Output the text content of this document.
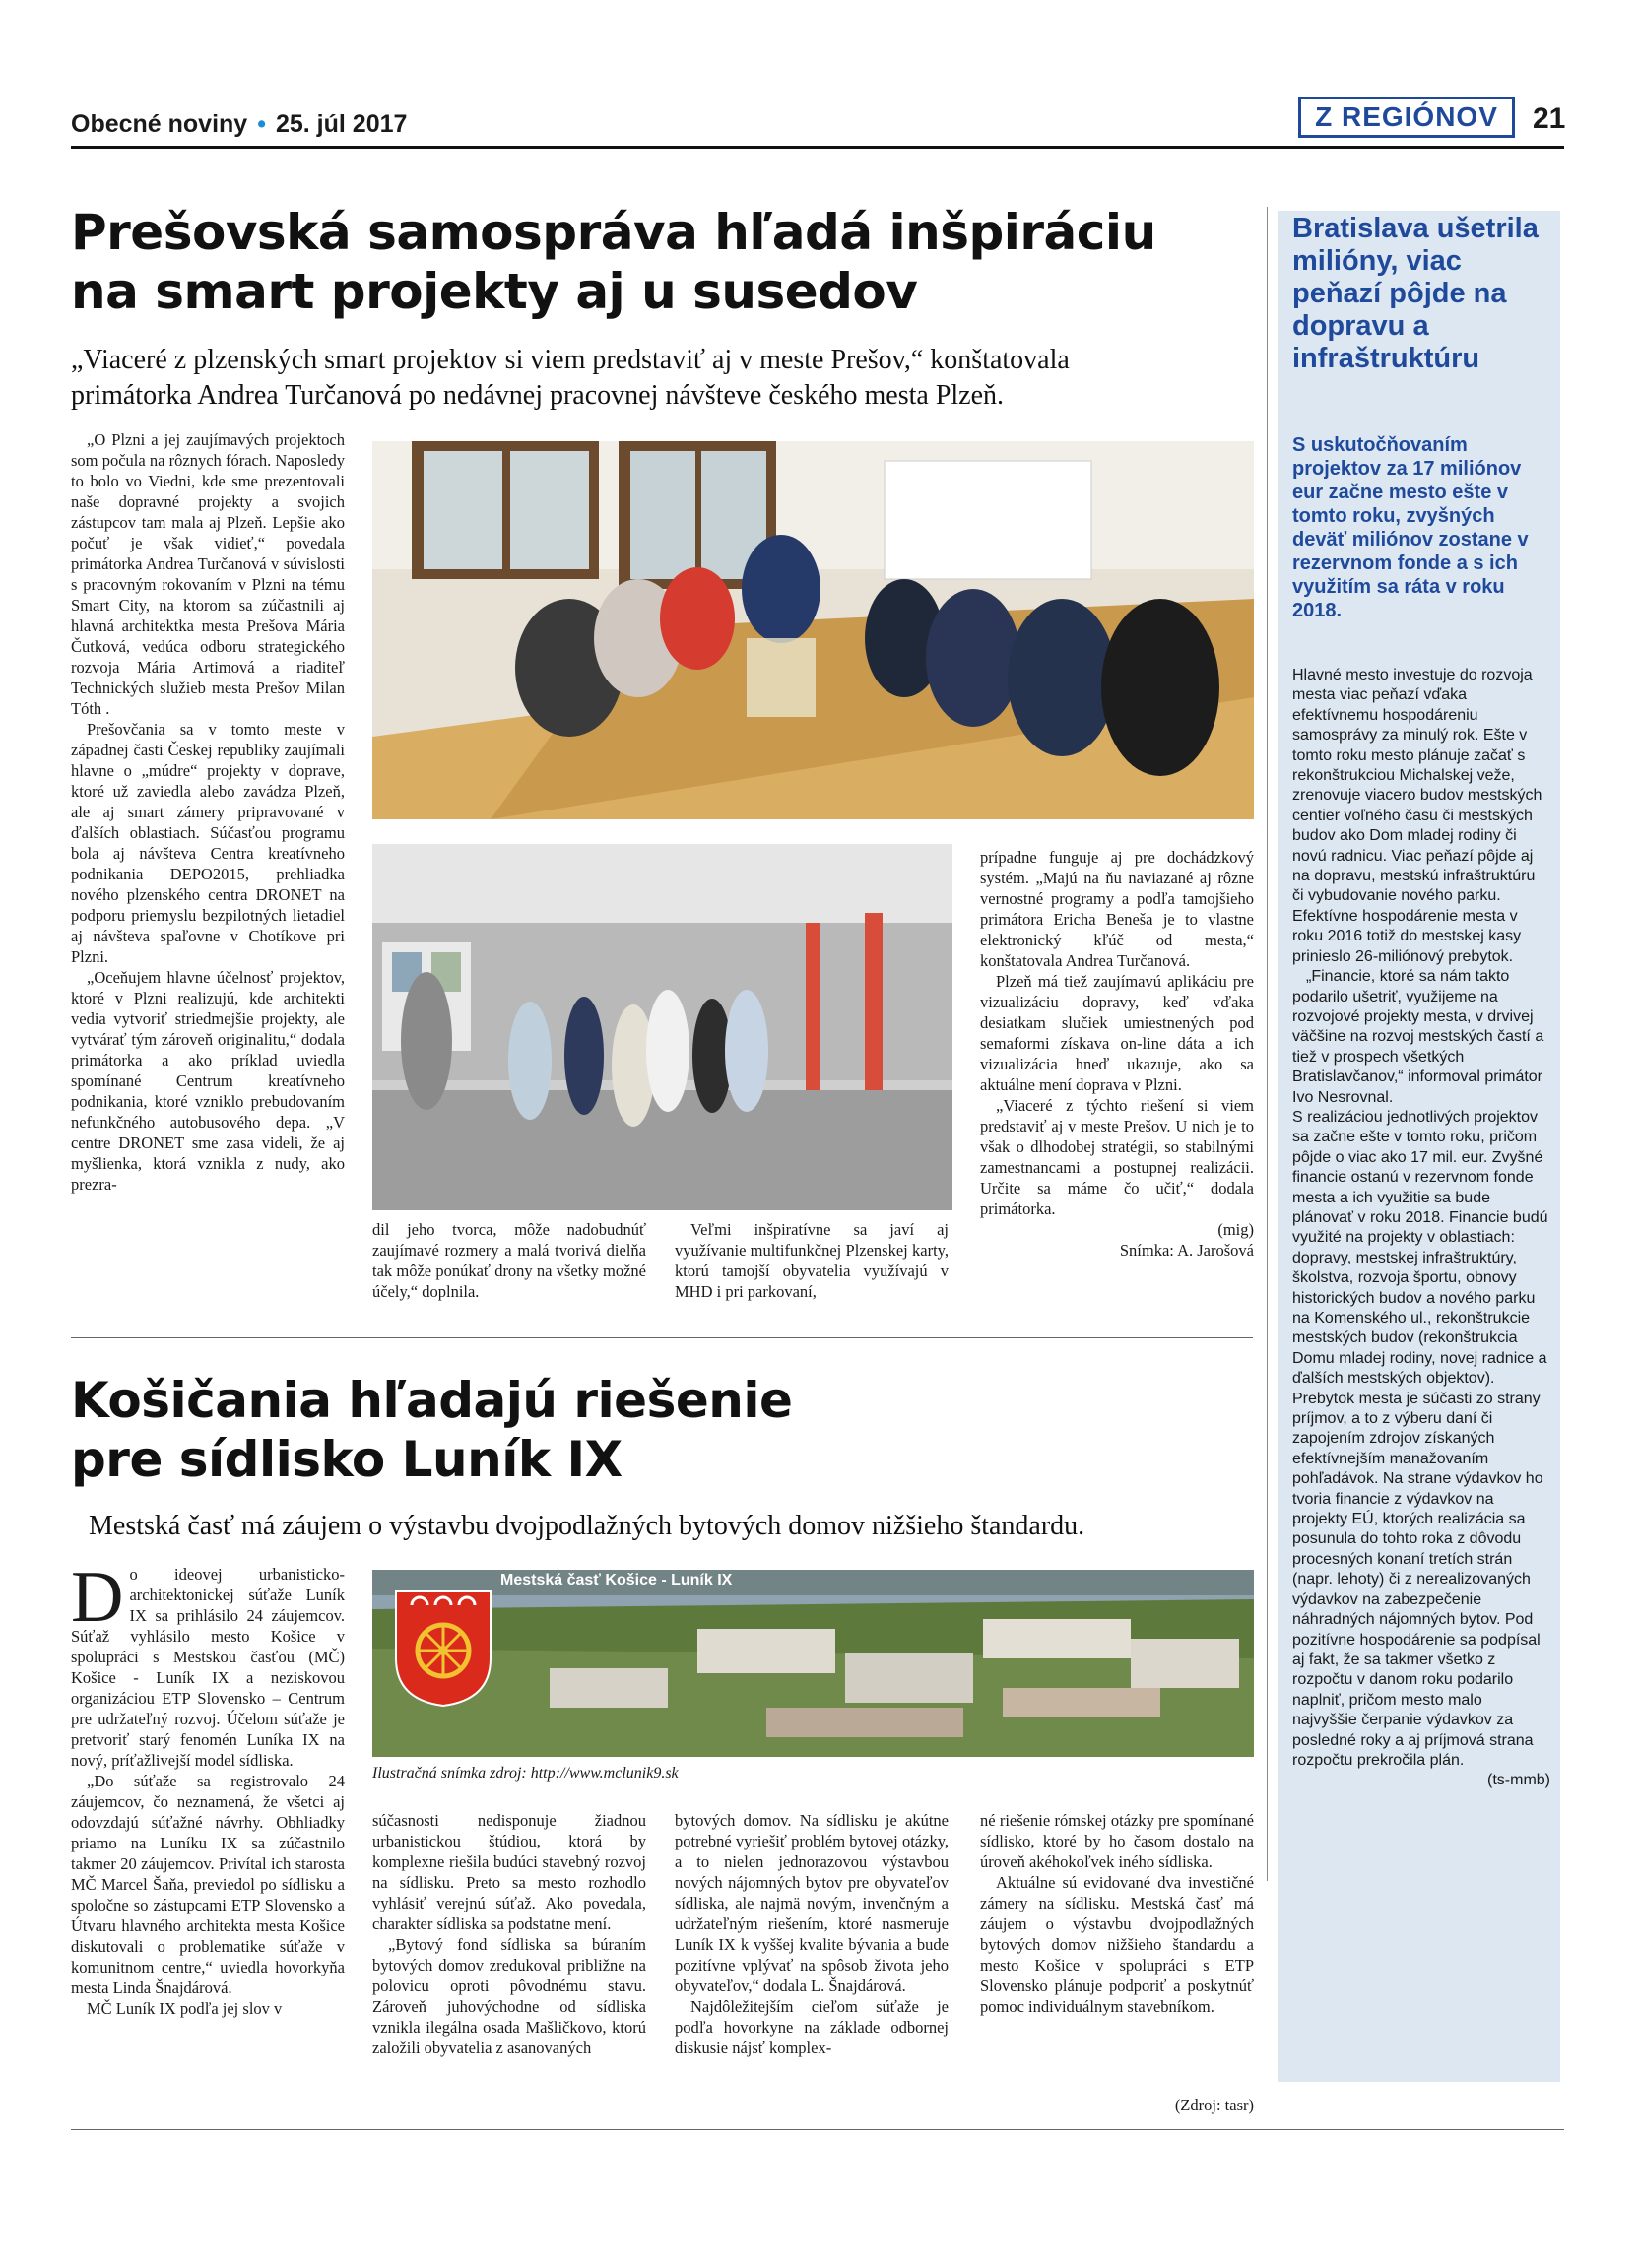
Obecné noviny • 25. júl 2017	Z REGIÓNOV	21
Prešovská samospráva hľadá inšpiráciu
na smart projekty aj u susedov
„Viaceré z plzenských smart projektov si viem predstaviť aj v meste Prešov,“ konštatovala
primátorka Andrea Turčanová po nedávnej pracovnej návšteve českého mesta Plzeň.

„O Plzni a jej zaujímavých projektoch som počula na rôznych fórach. Naposledy to bolo vo Viedni, kde sme prezentovali naše dopravné projekty a svojich zástupcov tam mala aj Plzeň. Lepšie ako počuť je však vidieť,“ povedala primátorka Andrea Turčanová v súvislosti s pracovným rokovaním v Plzni na tému Smart City, na ktorom sa zúčastnili aj hlavná architektka mesta Prešova Mária Čutková, vedúca odboru strategického rozvoja Mária Artimová a riaditeľ Technických služieb mesta Prešov Milan Tóth .

Prešovčania sa v tomto meste v západnej časti Českej republiky zaujímali hlavne o „múdre“ projekty v doprave, ktoré už zaviedla alebo zavádza Plzeň, ale aj smart zámery pripravované v ďalších oblastiach. Súčasťou programu bola aj návšteva Centra kreatívneho podnikania DEPO2015, prehliadka nového plzenského centra DRONET na podporu priemyslu bezpilotných lietadiel aj návšteva spaľovne v Chotíkove pri Plzni.

„Oceňujem hlavne účelnosť projektov, ktoré v Plzni realizujú, kde architekti vedia vytvoriť striedmejšie projekty, ale vytvárať tým zároveň originalitu,“ dodala primátorka a ako príklad uviedla spomínané Centrum kreatívneho podnikania, ktoré vzniklo prebudovaním nefunkčného autobusového depa. „V centre DRONET sme zasa videli, že aj myšlienka, ktorá vznikla z nudy, ako prezra-

dil jeho tvorca, môže nadobudnúť zaujímavé rozmery a malá tvorivá dielňa tak môže ponúkať drony na všetky možné účely,“ doplnila.

Veľmi inšpiratívne sa javí aj využívanie multifunkčnej Plzenskej karty, ktorú tamojší obyvatelia využívajú v MHD i pri parkovaní,

prípadne funguje aj pre dochádzkový systém. „Majú na ňu naviazané aj rôzne vernostné programy a podľa tamojšieho primátora Ericha Beneša je to vlastne elektronický kľúč od mesta,“ konštatovala Andrea Turčanová.

Plzeň má tiež zaujímavú aplikáciu pre vizualizáciu dopravy, keď vďaka desiatkam slučiek umiestnených pod semaformi získava on-line dáta a ich vizualizácia hneď ukazuje, ako sa aktuálne mení doprava v Plzni.

„Viaceré z týchto riešení si viem predstaviť aj v meste Prešov. U nich je to však o dlhodobej stratégii, so stabilnými zamestnancami a postupnej realizácii. Určite sa máme čo učiť,“ dodala primátorka.

(mig)
Snímka: A. Jarošová
Košičania hľadajú riešenie
pre sídlisko Luník IX
Mestská časť má záujem o výstavbu dvojpodlažných bytových domov nižšieho štandardu.

Do ideovej urbanisticko-architektonickej súťaže Luník IX sa prihlásilo 24 záujemcov. Súťaž vyhlásilo mesto Košice v spolupráci s Mestskou časťou (MČ) Košice - Luník IX a neziskovou organizáciou ETP Slovensko – Centrum pre udržateľný rozvoj. Účelom súťaže je pretvoriť starý fenomén Luníka IX na nový, príťažlivejší model sídliska.

„Do súťaže sa registrovalo 24 záujemcov, čo neznamená, že všetci aj odovzdajú súťažné návrhy. Obhliadky priamo na Luníku IX sa zúčastnilo takmer 20 záujemcov. Privítal ich starosta MČ Marcel Šaňa, previedol po sídlisku a spoločne so zástupcami ETP Slovensko a Útvaru hlavného architekta mesta Košice diskutovali o problematike súťaže v komunitnom centre,“ uviedla hovorkyňa mesta Linda Šnajdárová.

MČ Luník IX podľa jej slov v

Mestská časť Košice - Luník IX
Ilustračná snímka zdroj: http://www.mclunik9.sk

súčasnosti nedisponuje žiadnou urbanistickou štúdiou, ktorá by komplexne riešila budúci stavebný rozvoj na sídlisku. Preto sa mesto rozhodlo vyhlásiť verejnú súťaž. Ako povedala, charakter sídliska sa podstatne mení.

„Bytový fond sídliska sa búraním bytových domov zredukoval približne na polovicu oproti pôvodnému stavu. Zároveň juhovýchodne od sídliska vznikla ilegálna osada Mašličkovo, ktorú založili obyvatelia z asanovaných

bytových domov. Na sídlisku je akútne potrebné vyriešiť problém bytovej otázky, a to nielen jednorazovou výstavbou nových nájomných bytov pre obyvateľov sídliska, ale najmä novým, invenčným a udržateľným riešením, ktoré nasmeruje Luník IX k vyššej kvalite bývania a bude pozitívne vplývať na spôsob života jeho obyvateľov,“ dodala L. Šnajdárová.

Najdôležitejším cieľom súťaže je podľa hovorkyne na základe odbornej diskusie nájsť komplex-

né riešenie rómskej otázky pre spomínané sídlisko, ktoré by ho časom dostalo na úroveň akéhokoľvek iného sídliska.

Aktuálne sú evidované dva investičné zámery na sídlisku. Mestská časť má záujem o výstavbu dvojpodlažných bytových domov nižšieho štandardu a mesto Košice v spolupráci s ETP Slovensko plánuje podporiť a poskytnúť pomoc individuálnym stavebníkom.

(Zdroj: tasr)
Bratislava ušetrila milióny, viac peňazí pôjde na dopravu a infraštruktúru
S uskutočňovaním projektov za 17 miliónov eur začne mesto ešte v tomto roku, zvyšných deväť miliónov zostane v rezervnom fonde a s ich využitím sa ráta v roku 2018.

Hlavné mesto investuje do rozvoja mesta viac peňazí vďaka efektívnemu hospodáreniu samosprávy za minulý rok. Ešte v tomto roku mesto plánuje začať s rekonštrukciou Michalskej veže, zrenovuje viacero budov mestských centier voľného času či mestských budov ako Dom mladej rodiny či novú radnicu. Viac peňazí pôjde aj na dopravu, mestskú infraštruktúru či vybudovanie nového parku. Efektívne hospodárenie mesta v roku 2016 totiž do mestskej kasy prinieslo 26-miliónový prebytok.

„Financie, ktoré sa nám takto podarilo ušetriť, využijeme na rozvojové projekty mesta, v drvivej väčšine na rozvoj mestských častí a tiež v prospech všetkých Bratislavčanov,“ informoval primátor Ivo Nesrovnal.

S realizáciou jednotlivých projektov sa začne ešte v tomto roku, pričom pôjde o viac ako 17 mil. eur. Zvyšné financie ostanú v rezervnom fonde mesta a ich využitie sa bude plánovať v roku 2018. Financie budú využité na projekty v oblastiach: dopravy, mestskej infraštruktúry, školstva, rozvoja športu, obnovy historických budov a nového parku na Komenského ul., rekonštrukcie mestských budov (rekonštrukcia Domu mladej rodiny, novej radnice a ďalších mestských objektov).

Prebytok mesta je súčasti zo strany príjmov, a to z výberu daní či zapojením zdrojov získaných efektívnejším manažovaním pohľadávok. Na strane výdavkov ho tvoria financie z výdavkov na projekty EÚ, ktorých realizácia sa posunula do tohto roka z dôvodu procesných konaní tretích strán (napr. lehoty) či z nerealizovaných výdavkov na zabezpečenie náhradných nájomných bytov. Pod pozitívne hospodárenie sa podpísal aj fakt, že sa takmer všetko z rozpočtu v danom roku podarilo naplniť, pričom mesto malo najvyššie čerpanie výdavkov za posledné roky a aj príjmová strana rozpočtu prekročila plán.

(ts-mmb)
